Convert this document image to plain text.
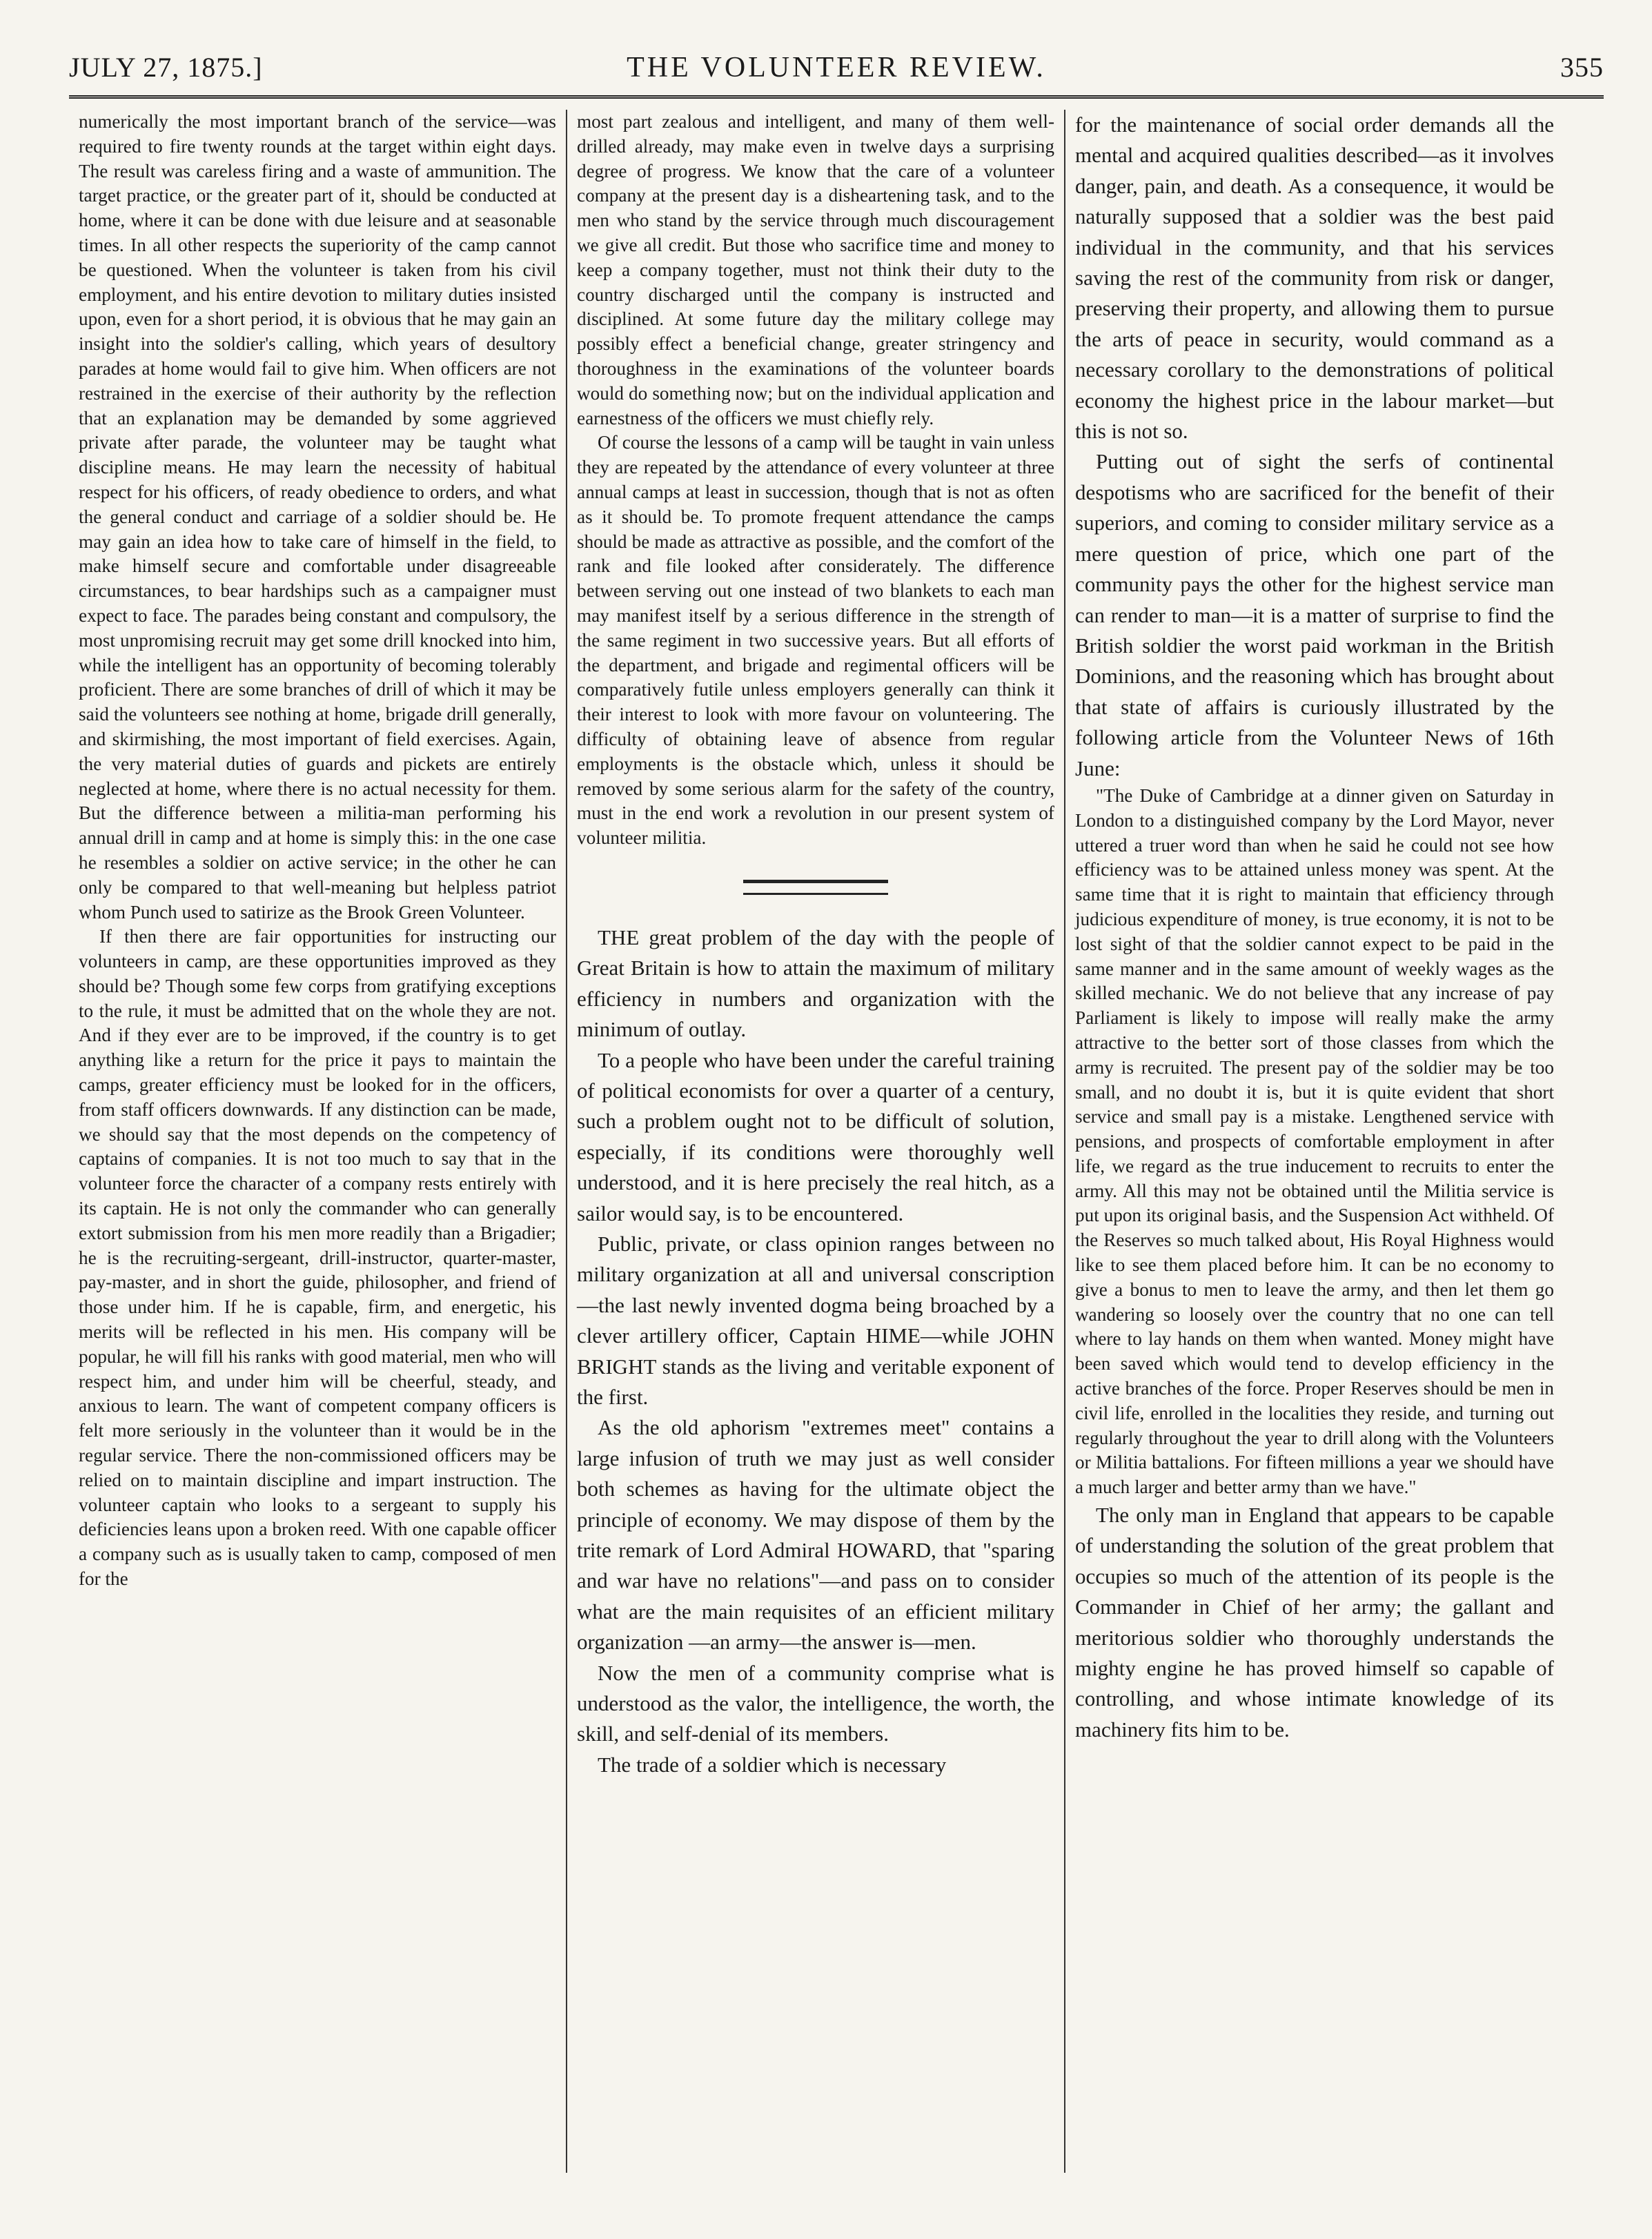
JULY 27, 1875.]	THE VOLUNTEER REVIEW.	355

numerically the most important branch of the service—was required to fire twenty rounds at the target within eight days. The result was careless firing and a waste of ammunition. The target practice, or the greater part of it, should be conducted at home, where it can be done with due leisure and at seasonable times. In all other respects the superiority of the camp cannot be questioned. When the volunteer is taken from his civil employment, and his entire devotion to military duties insisted upon, even for a short period, it is obvious that he may gain an insight into the soldier's calling, which years of desultory parades at home would fail to give him. When officers are not restrained in the exercise of their authority by the reflection that an explanation may be demanded by some aggrieved private after parade, the volunteer may be taught what discipline means. He may learn the necessity of habitual respect for his officers, of ready obedience to orders, and what the general conduct and carriage of a soldier should be. He may gain an idea how to take care of himself in the field, to make himself secure and comfortable under disagreeable circumstances, to bear hardships such as a campaigner must expect to face. The parades being constant and compulsory, the most unpromising recruit may get some drill knocked into him, while the intelligent has an opportunity of becoming tolerably proficient. There are some branches of drill of which it may be said the volunteers see nothing at home, brigade drill generally, and skirmishing, the most important of field exercises. Again, the very material duties of guards and pickets are entirely neglected at home, where there is no actual necessity for them. But the difference between a militia-man performing his annual drill in camp and at home is simply this: in the one case he resembles a soldier on active service; in the other he can only be compared to that well-meaning but helpless patriot whom Punch used to satirize as the Brook Green Volunteer.

If then there are fair opportunities for instructing our volunteers in camp, are these opportunities improved as they should be? Though some few corps from gratifying exceptions to the rule, it must be admitted that on the whole they are not. And if they ever are to be improved, if the country is to get anything like a return for the price it pays to maintain the camps, greater efficiency must be looked for in the officers, from staff officers downwards. If any distinction can be made, we should say that the most depends on the competency of captains of companies. It is not too much to say that in the volunteer force the character of a company rests entirely with its captain. He is not only the commander who can generally extort submission from his men more readily than a Brigadier; he is the recruiting-sergeant, drill-instructor, quarter-master, pay-master, and in short the guide, philosopher, and friend of those under him. If he is capable, firm, and energetic, his merits will be reflected in his men. His company will be popular, he will fill his ranks with good material, men who will respect him, and under him will be cheerful, steady, and anxious to learn. The want of competent company officers is felt more seriously in the volunteer than it would be in the regular service. There the non-commissioned officers may be relied on to maintain discipline and impart instruction. The volunteer captain who looks to a sergeant to supply his deficiencies leans upon a broken reed. With one capable officer a company such as is usually taken to camp, composed of men for the

most part zealous and intelligent, and many of them well-drilled already, may make even in twelve days a surprising degree of progress. We know that the care of a volunteer company at the present day is a disheartening task, and to the men who stand by the service through much discouragement we give all credit. But those who sacrifice time and money to keep a company together, must not think their duty to the country discharged until the company is instructed and disciplined. At some future day the military college may possibly effect a beneficial change, greater stringency and thoroughness in the examinations of the volunteer boards would do something now; but on the individual application and earnestness of the officers we must chiefly rely.

Of course the lessons of a camp will be taught in vain unless they are repeated by the attendance of every volunteer at three annual camps at least in succession, though that is not as often as it should be. To promote frequent attendance the camps should be made as attractive as possible, and the comfort of the rank and file looked after considerately. The difference between serving out one instead of two blankets to each man may manifest itself by a serious difference in the strength of the same regiment in two successive years. But all efforts of the department, and brigade and regimental officers will be comparatively futile unless employers generally can think it their interest to look with more favour on volunteering. The difficulty of obtaining leave of absence from regular employments is the obstacle which, unless it should be removed by some serious alarm for the safety of the country, must in the end work a revolution in our present system of volunteer militia.

THE great problem of the day with the people of Great Britain is how to attain the maximum of military efficiency in numbers and organization with the minimum of outlay.

To a people who have been under the careful training of political economists for over a quarter of a century, such a problem ought not to be difficult of solution, especially, if its conditions were thoroughly well understood, and it is here precisely the real hitch, as a sailor would say, is to be encountered.

Public, private, or class opinion ranges between no military organization at all and universal conscription—the last newly invented dogma being broached by a clever artillery officer, Captain HIME—while JOHN BRIGHT stands as the living and veritable exponent of the first.

As the old aphorism "extremes meet" contains a large infusion of truth we may just as well consider both schemes as having for the ultimate object the principle of economy. We may dispose of them by the trite remark of Lord Admiral HOWARD, that "sparing and war have no relations"—and pass on to consider what are the main requisites of an efficient military organization —an army—the answer is—men.

Now the men of a community comprise what is understood as the valor, the intelligence, the worth, the skill, and self-denial of its members.

The trade of a soldier which is necessary

for the maintenance of social order demands all the mental and acquired qualities described—as it involves danger, pain, and death. As a consequence, it would be naturally supposed that a soldier was the best paid individual in the community, and that his services saving the rest of the community from risk or danger, preserving their property, and allowing them to pursue the arts of peace in security, would command as a necessary corollary to the demonstrations of political economy the highest price in the labour market—but this is not so.

Putting out of sight the serfs of continental despotisms who are sacrificed for the benefit of their superiors, and coming to consider military service as a mere question of price, which one part of the community pays the other for the highest service man can render to man—it is a matter of surprise to find the British soldier the worst paid workman in the British Dominions, and the reasoning which has brought about that state of affairs is curiously illustrated by the following article from the Volunteer News of 16th June:

"The Duke of Cambridge at a dinner given on Saturday in London to a distinguished company by the Lord Mayor, never uttered a truer word than when he said he could not see how efficiency was to be attained unless money was spent. At the same time that it is right to maintain that efficiency through judicious expenditure of money, is true economy, it is not to be lost sight of that the soldier cannot expect to be paid in the same manner and in the same amount of weekly wages as the skilled mechanic. We do not believe that any increase of pay Parliament is likely to impose will really make the army attractive to the better sort of those classes from which the army is recruited. The present pay of the soldier may be too small, and no doubt it is, but it is quite evident that short service and small pay is a mistake. Lengthened service with pensions, and prospects of comfortable employment in after life, we regard as the true inducement to recruits to enter the army. All this may not be obtained until the Militia service is put upon its original basis, and the Suspension Act withheld. Of the Reserves so much talked about, His Royal Highness would like to see them placed before him. It can be no economy to give a bonus to men to leave the army, and then let them go wandering so loosely over the country that no one can tell where to lay hands on them when wanted. Money might have been saved which would tend to develop efficiency in the active branches of the force. Proper Reserves should be men in civil life, enrolled in the localities they reside, and turning out regularly throughout the year to drill along with the Volunteers or Militia battalions. For fifteen millions a year we should have a much larger and better army than we have."

The only man in England that appears to be capable of understanding the solution of the great problem that occupies so much of the attention of its people is the Commander in Chief of her army; the gallant and meritorious soldier who thoroughly understands the mighty engine he has proved himself so capable of controlling, and whose intimate knowledge of its machinery fits him to be.
